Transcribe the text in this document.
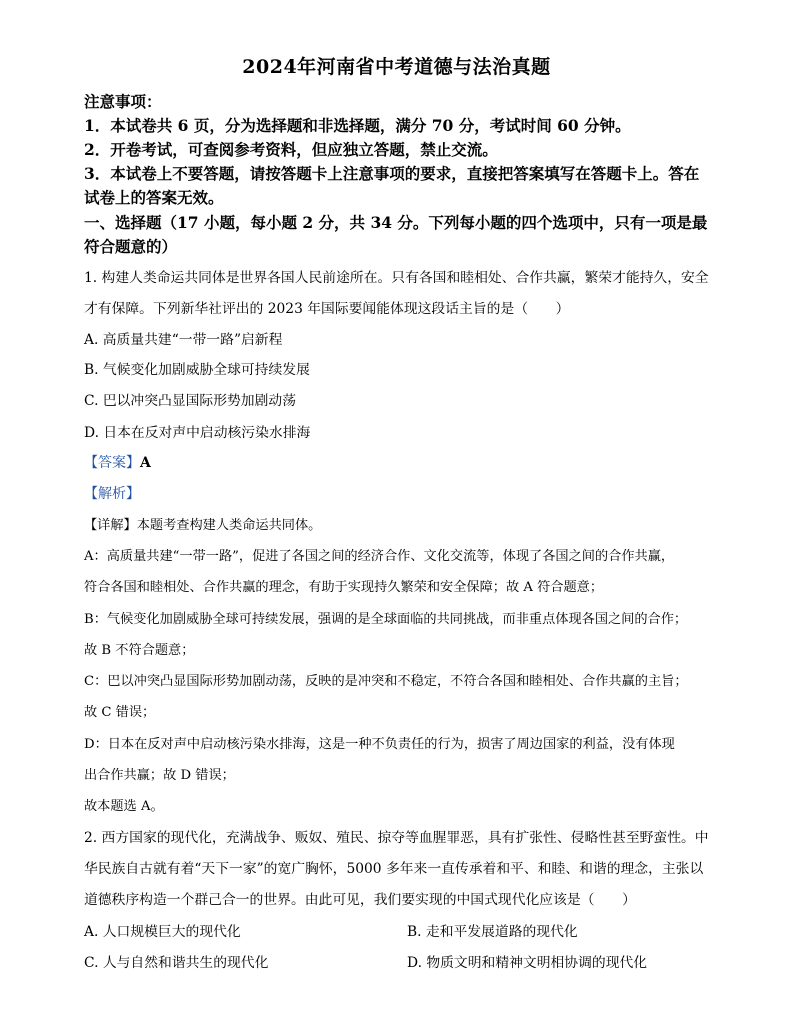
2024年河南省中考道德与法治真题
注意事项：
1．本试卷共 6 页，分为选择题和非选择题，满分 70 分，考试时间 60 分钟。
2．开卷考试，可查阅参考资料，但应独立答题，禁止交流。
3．本试卷上不要答题，请按答题卡上注意事项的要求，直接把答案填写在答题卡上。答在
试卷上的答案无效。
一、选择题（17 小题，每小题 2 分，共 34 分。下列每小题的四个选项中，只有一项是最
符合题意的）
1. 构建人类命运共同体是世界各国人民前途所在。只有各国和睦相处、合作共赢，繁荣才能持久，安全
才有保障。下列新华社评出的 2023 年国际要闻能体现这段话主旨的是（　　）
A. 高质量共建“一带一路”启新程
B. 气候变化加剧威胁全球可持续发展
C. 巴以冲突凸显国际形势加剧动荡
D. 日本在反对声中启动核污染水排海
【答案】A
【解析】
【详解】本题考查构建人类命运共同体。
A：高质量共建“一带一路”，促进了各国之间的经济合作、文化交流等，体现了各国之间的合作共赢，
符合各国和睦相处、合作共赢的理念，有助于实现持久繁荣和安全保障；故 A 符合题意；
B：气候变化加剧威胁全球可持续发展，强调的是全球面临的共同挑战，而非重点体现各国之间的合作；
故 B 不符合题意；
C：巴以冲突凸显国际形势加剧动荡，反映的是冲突和不稳定，不符合各国和睦相处、合作共赢的主旨；
故 C 错误；
D：日本在反对声中启动核污染水排海，这是一种不负责任的行为，损害了周边国家的利益，没有体现
出合作共赢；故 D 错误；
故本题选 A。
2. 西方国家的现代化，充满战争、贩奴、殖民、掠夺等血腥罪恶，具有扩张性、侵略性甚至野蛮性。中
华民族自古就有着“天下一家”的宽广胸怀，5000 多年来一直传承着和平、和睦、和谐的理念，主张以
道德秩序构造一个群己合一的世界。由此可见，我们要实现的中国式现代化应该是（　　）
A. 人口规模巨大的现代化	B. 走和平发展道路的现代化
C. 人与自然和谐共生的现代化	D. 物质文明和精神文明相协调的现代化
